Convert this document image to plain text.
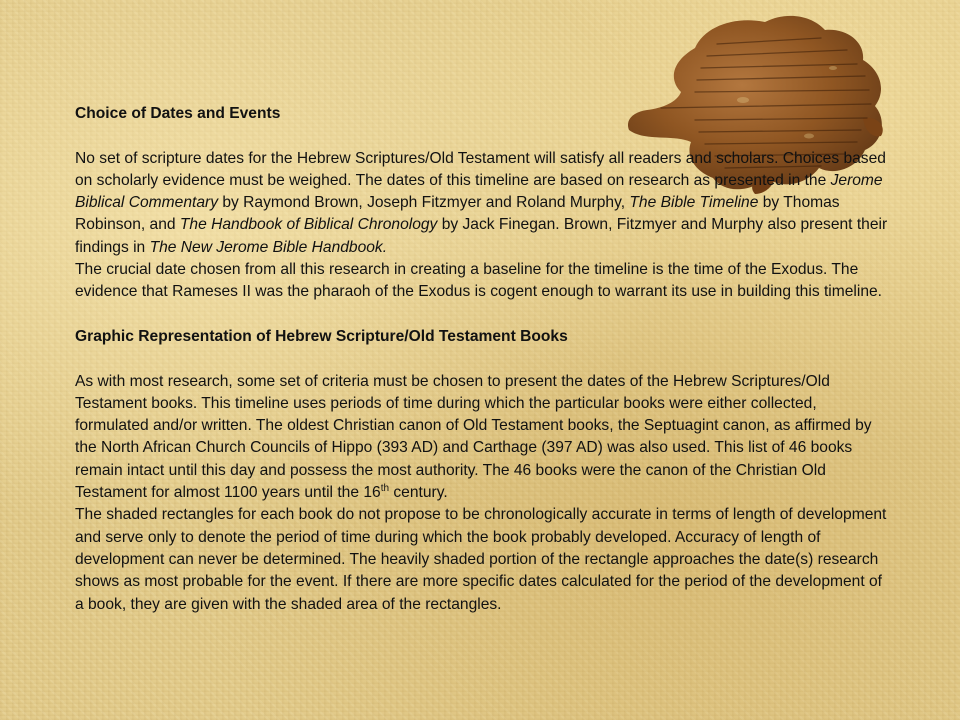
Choice of Dates and Events

No set of scripture dates for the Hebrew Scriptures/Old Testament will satisfy all readers and scholars. Choices based on scholarly evidence must be weighed. The dates of this timeline are based on research as presented in the Jerome Biblical Commentary by Raymond Brown, Joseph Fitzmyer and Roland Murphy, The Bible Timeline by Thomas Robinson, and The Handbook of Biblical Chronology by Jack Finegan. Brown, Fitzmyer and Murphy also present their findings in The New Jerome Bible Handbook.

The crucial date chosen from all this research in creating a baseline for the timeline is the time of the Exodus. The evidence that Rameses II was the pharaoh of the Exodus is cogent enough to warrant its use in building this timeline.

Graphic Representation of Hebrew Scripture/Old Testament Books

As with most research, some set of criteria must be chosen to present the dates of the Hebrew Scriptures/Old Testament books. This timeline uses periods of time during which the particular books were either collected, formulated and/or written. The oldest Christian canon of Old Testament books, the Septuagint canon, as affirmed by the North African Church Councils of Hippo (393 AD) and Carthage (397 AD) was also used. This list of 46 books remain intact until this day and possess the most authority. The 46 books were the canon of the Christian Old Testament for almost 1100 years until the 16th century.

The shaded rectangles for each book do not propose to be chronologically accurate in terms of length of development and serve only to denote the period of time during which the book probably developed. Accuracy of length of development can never be determined. The heavily shaded portion of the rectangle approaches the date(s) research shows as most probable for the event. If there are more specific dates calculated for the period of the development of a book, they are given with the shaded area of the rectangles.
